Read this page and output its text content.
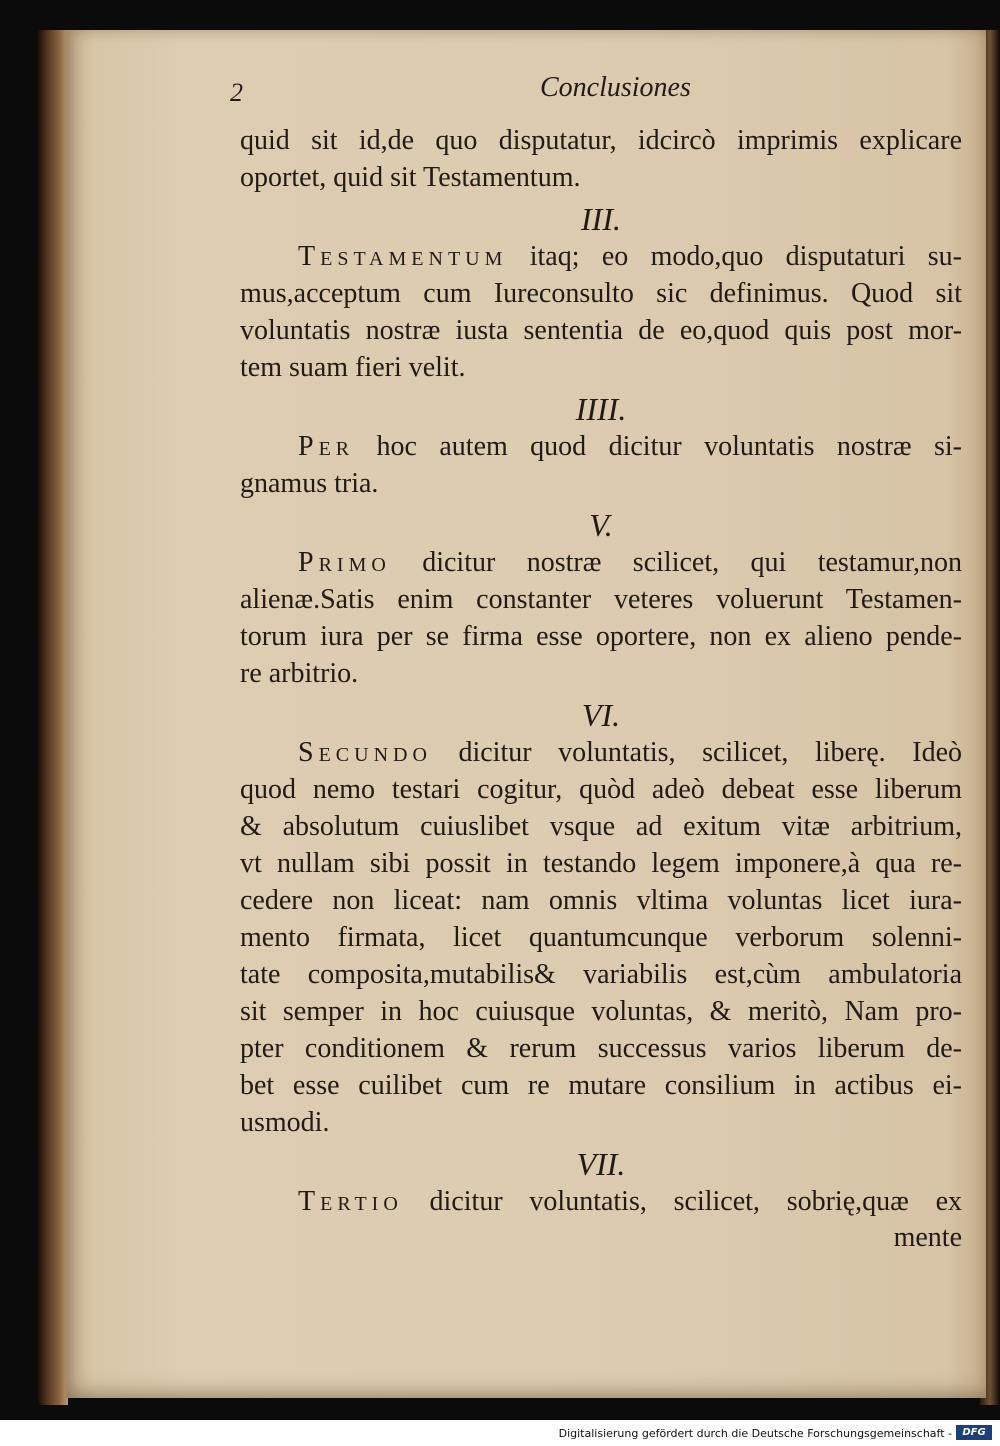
2	Conclusiones
quid sit id,de quo disputatur, idcircò imprimis explicare
oportet, quid sit Testamentum.
III.
Testamentum itaq; eo modo,quo disputaturi su-
mus,acceptum cum Iureconsulto sic definimus. Quod sit
voluntatis nostræ iusta sententia de eo,quod quis post mor-
tem suam fieri velit.
IIII.
Per hoc autem quod dicitur voluntatis nostræ si-
gnamus tria.
V.
Primo dicitur nostræ scilicet, qui testamur,non
alienæ.Satis enim constanter veteres voluerunt Testamen-
torum iura per se firma esse oportere, non ex alieno pende-
re arbitrio.
VI.
Secundo dicitur voluntatis, scilicet, liberę. Ideò
quod nemo testari cogitur, quòd adeò debeat esse liberum
& absolutum cuiuslibet vsque ad exitum vitæ arbitrium,
vt nullam sibi possit in testando legem imponere,à qua re-
cedere non liceat: nam omnis vltima voluntas licet iura-
mento firmata, licet quantumcunque verborum solenni-
tate composita,mutabilis& variabilis est,cùm ambulatoria
sit semper in hoc cuiusque voluntas, & meritò, Nam pro-
pter conditionem & rerum successus varios liberum de-
bet esse cuilibet cum re mutare consilium in actibus ei-
usmodi.
VII.
Tertio dicitur voluntatis, scilicet, sobrię,quæ ex
mente
Digitalisierung gefördert durch die Deutsche Forschungsgemeinschaft -	DFG
